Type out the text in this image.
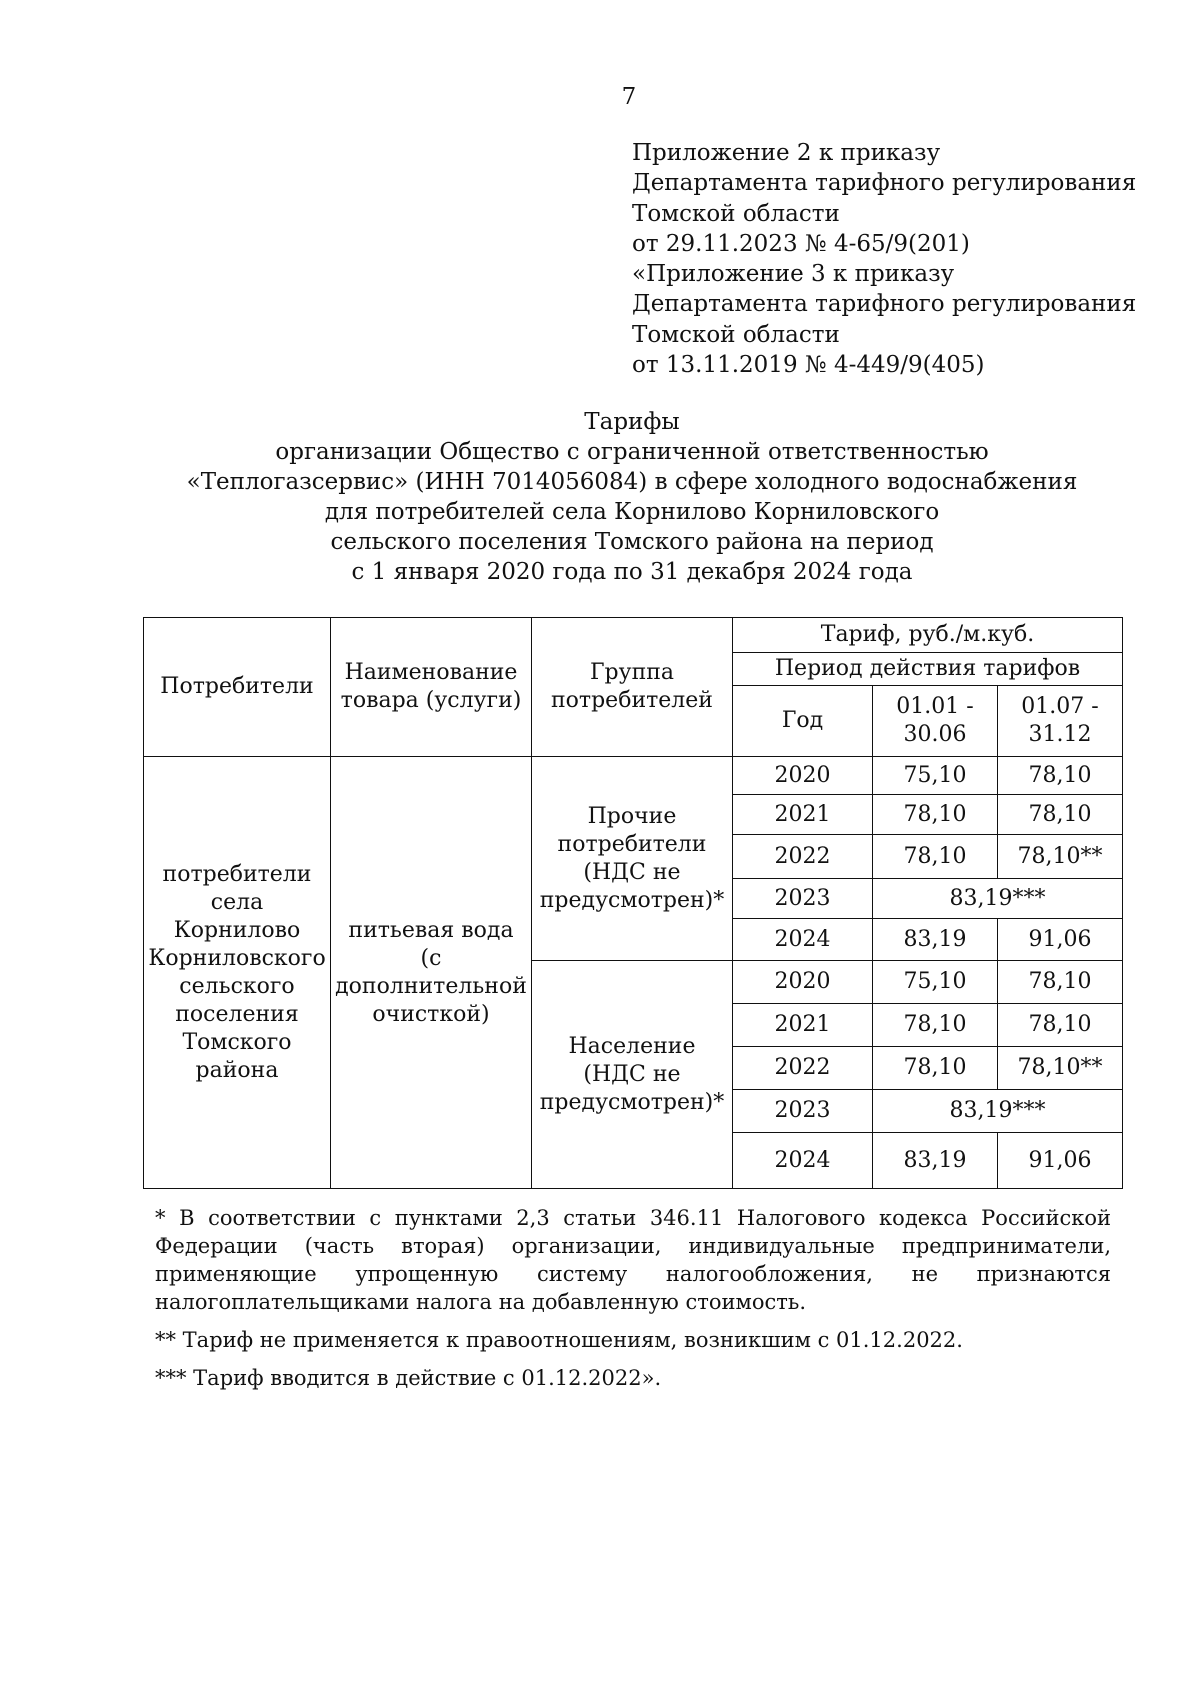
7
Приложение 2 к приказу
Департамента тарифного регулирования
Томской области
от 29.11.2023 № 4-65/9(201)
«Приложение 3 к приказу
Департамента тарифного регулирования
Томской области
от 13.11.2019 № 4-449/9(405)
Тарифы
организации Общество с ограниченной ответственностью
«Теплогазсервис» (ИНН 7014056084) в сфере холодного водоснабжения
для потребителей села Корнилово Корниловского
сельского поселения Томского района на период
с 1 января 2020 года по 31 декабря 2024 года
Потребители	Наименование товара (услуги)	Группа потребителей	Тариф, руб./м.куб.		
			Период действия тарифов		
			Год	01.01 - 30.06	01.07 - 31.12
потребители села Корнилово Корниловского сельского поселения Томского района	питьевая вода (с дополнительной очисткой)	Прочие потребители (НДС не предусмотрен)*	2020	75,10	78,10
			2021	78,10	78,10
			2022	78,10	78,10**
			2023	83,19***	
			2024	83,19	91,06
		Население (НДС не предусмотрен)*	2020	75,10	78,10
			2021	78,10	78,10
			2022	78,10	78,10**
			2023	83,19***	
			2024	83,19	91,06
* В соответствии с пунктами 2,3 статьи 346.11 Налогового кодекса Российской Федерации (часть вторая) организации, индивидуальные предприниматели, применяющие упрощенную систему налогообложения, не признаются налогоплательщиками налога на добавленную стоимость.
** Тариф не применяется к правоотношениям, возникшим с 01.12.2022.
*** Тариф вводится в действие с 01.12.2022».
